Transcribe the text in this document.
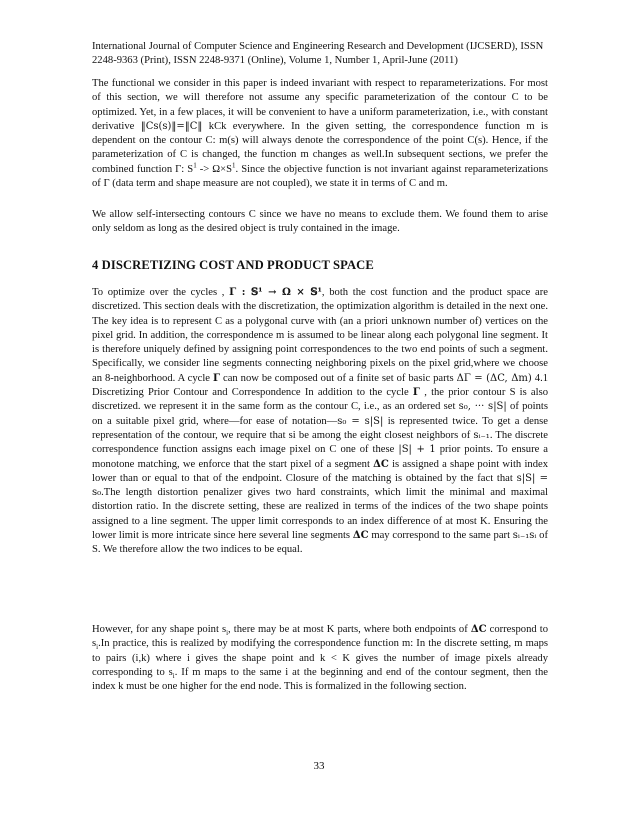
International Journal of Computer Science and Engineering Research and Development (IJCSERD), ISSN
2248-9363 (Print), ISSN 2248-9371 (Online), Volume 1, Number 1, April-June (2011)
The functional we consider in this paper is indeed invariant with respect to reparameterizations. For most of this section, we will therefore not assume any specific parameterization of the contour C to be optimized. Yet, in a few places, it will be convenient to have a uniform parameterization, i.e., with constant derivative ‖Cs(s)‖=‖C‖ kCk everywhere. In the given setting, the correspondence function m is dependent on the contour C: m(s) will always denote the correspondence of the point C(s). Hence, if the parameterization of C is changed, the function m changes as well.In subsequent sections, we prefer the combined function Γ: $S^1 -> \Omega\times S^1$. Since the objective function is not invariant against reparameterizations of Γ (data term and shape measure are not coupled), we state it in terms of C and m.
We allow self-intersecting contours C since we have no means to exclude them. We found them to arise only seldom as long as the desired object is truly contained in the image.
4 DISCRETIZING COST AND PRODUCT SPACE
To optimize over the cycles , Γ : 𝕊¹ → Ω × 𝕊¹, both the cost function and the product space are discretized. This section deals with the discretization, the optimization algorithm is detailed in the next one. The key idea is to represent C as a polygonal curve with (an a priori unknown number of) vertices on the pixel grid. In addition, the correspondence m is assumed to be linear along each polygonal line segment. It is therefore uniquely defined by assigning point correspondences to the two end points of such a segment. Specifically, we consider line segments connecting neighboring pixels on the pixel grid,where we choose an 8-neighborhood. A cycle Γ can now be composed out of a finite set of basic parts ΔΓ = (ΔC, Δm) 4.1 Discretizing Prior Contour and Correspondence In addition to the cycle Γ , the prior contour S is also discretized. we represent it in the same form as the contour C, i.e., as an ordered set s₀, ··· s|S| of points on a suitable pixel grid, where—for ease of notation—s₀ = s|S| is represented twice. To get a dense representation of the contour, we require that si be among the eight closest neighbors of sᵢ₋₁. The discrete correspondence function assigns each image pixel on C one of these |S| + 1 prior points. To ensure a monotone matching, we enforce that the start pixel of a segment ΔC is assigned a shape point with index lower than or equal to that of the endpoint. Closure of the matching is obtained by the fact that s|S| = s₀.The length distortion penalizer gives two hard constraints, which limit the minimal and maximal distortion ratio. In the discrete setting, these are realized in terms of the indices of the two shape points assigned to a line segment. The upper limit corresponds to an index difference of at most K. Ensuring the lower limit is more intricate since here several line segments ΔC may correspond to the same part sᵢ₋₁sᵢ of S. We therefore allow the two indices to be equal.
However, for any shape point $s_i$, there may be at most K parts, where both endpoints of ΔC correspond to $s_i.In$ practice, this is realized by modifying the correspondence function m: In the discrete setting, m maps to pairs (i,k) where i gives the shape point and k < K gives the number of image pixels already corresponding to $s_i$. If m maps to the same i at the beginning and end of the contour segment, then the index k must be one higher for the end node. This is formalized in the following section.
33
